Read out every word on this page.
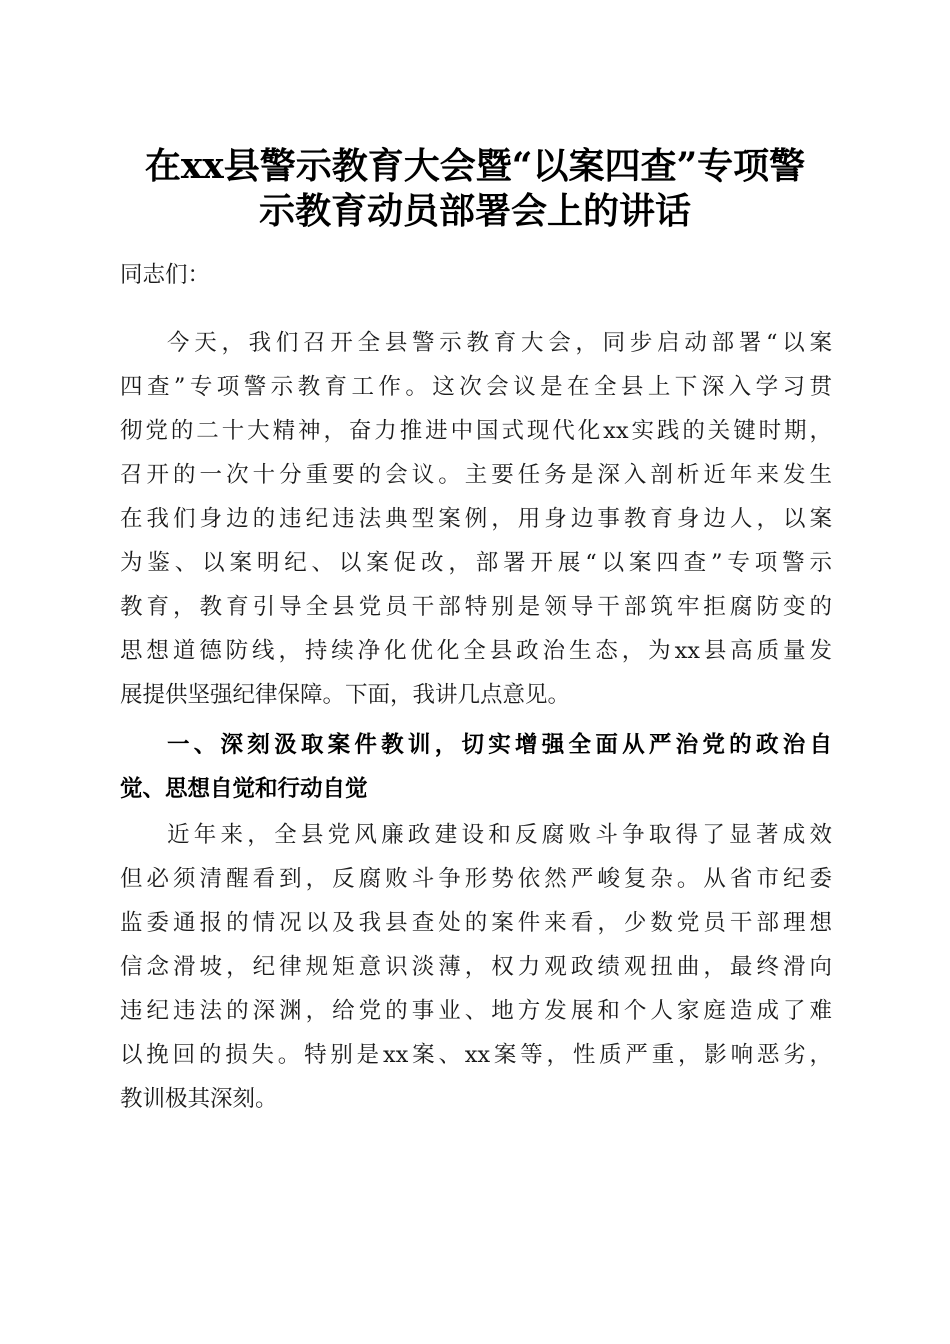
在xx县警示教育大会暨“以案四查”专项警
示教育动员部署会上的讲话
同志们：
今天，我们召开全县警示教育大会，同步启动部署“以案
四查”专项警示教育工作。这次会议是在全县上下深入学习贯
彻党的二十大精神，奋力推进中国式现代化xx实践的关键时期，
召开的一次十分重要的会议。主要任务是深入剖析近年来发生
在我们身边的违纪违法典型案例，用身边事教育身边人，以案
为鉴、以案明纪、以案促改，部署开展“以案四查”专项警示
教育，教育引导全县党员干部特别是领导干部筑牢拒腐防变的
思想道德防线，持续净化优化全县政治生态，为xx县高质量发
展提供坚强纪律保障。下面，我讲几点意见。
一、深刻汲取案件教训，切实增强全面从严治党的政治自
觉、思想自觉和行动自觉
近年来，全县党风廉政建设和反腐败斗争取得了显著成效
但必须清醒看到，反腐败斗争形势依然严峻复杂。从省市纪委
监委通报的情况以及我县查处的案件来看，少数党员干部理想
信念滑坡，纪律规矩意识淡薄，权力观政绩观扭曲，最终滑向
违纪违法的深渊，给党的事业、地方发展和个人家庭造成了难
以挽回的损失。特别是xx案、xx案等，性质严重，影响恶劣，
教训极其深刻。
